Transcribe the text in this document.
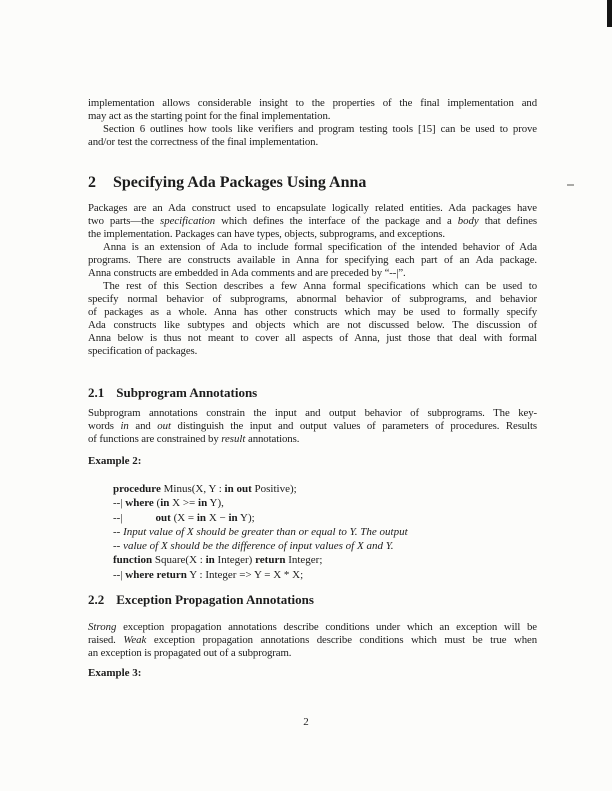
implementation allows considerable insight to the properties of the final implementation and
may act as the starting point for the final implementation.
Section 6 outlines how tools like verifiers and program testing tools [15] can be used to prove
and/or test the correctness of the final implementation.
2 Specifying Ada Packages Using Anna
Packages are an Ada construct used to encapsulate logically related entities. Ada packages have
two parts—the specification which defines the interface of the package and a body that defines
the implementation. Packages can have types, objects, subprograms, and exceptions.
Anna is an extension of Ada to include formal specification of the intended behavior of Ada
programs. There are constructs available in Anna for specifying each part of an Ada package.
Anna constructs are embedded in Ada comments and are preceded by “--|”.
The rest of this Section describes a few Anna formal specifications which can be used to
specify normal behavior of subprograms, abnormal behavior of subprograms, and behavior
of packages as a whole. Anna has other constructs which may be used to formally specify
Ada constructs like subtypes and objects which are not discussed below. The discussion of
Anna below is thus not meant to cover all aspects of Anna, just those that deal with formal
specification of packages.
2.1 Subprogram Annotations
Subprogram annotations constrain the input and output behavior of subprograms. The key-
words in and out distinguish the input and output values of parameters of procedures. Results
of functions are constrained by result annotations.
Example 2:
procedure Minus(X, Y : in out Positive);
--| where (in X >= in Y),
--|            out (X = in X − in Y);
-- Input value of X should be greater than or equal to Y. The output
-- value of X should be the difference of input values of X and Y.
function Square(X : in Integer) return Integer;
--| where return Y : Integer => Y = X * X;
2.2 Exception Propagation Annotations
Strong exception propagation annotations describe conditions under which an exception will be
raised. Weak exception propagation annotations describe conditions which must be true when
an exception is propagated out of a subprogram.
Example 3:
2
